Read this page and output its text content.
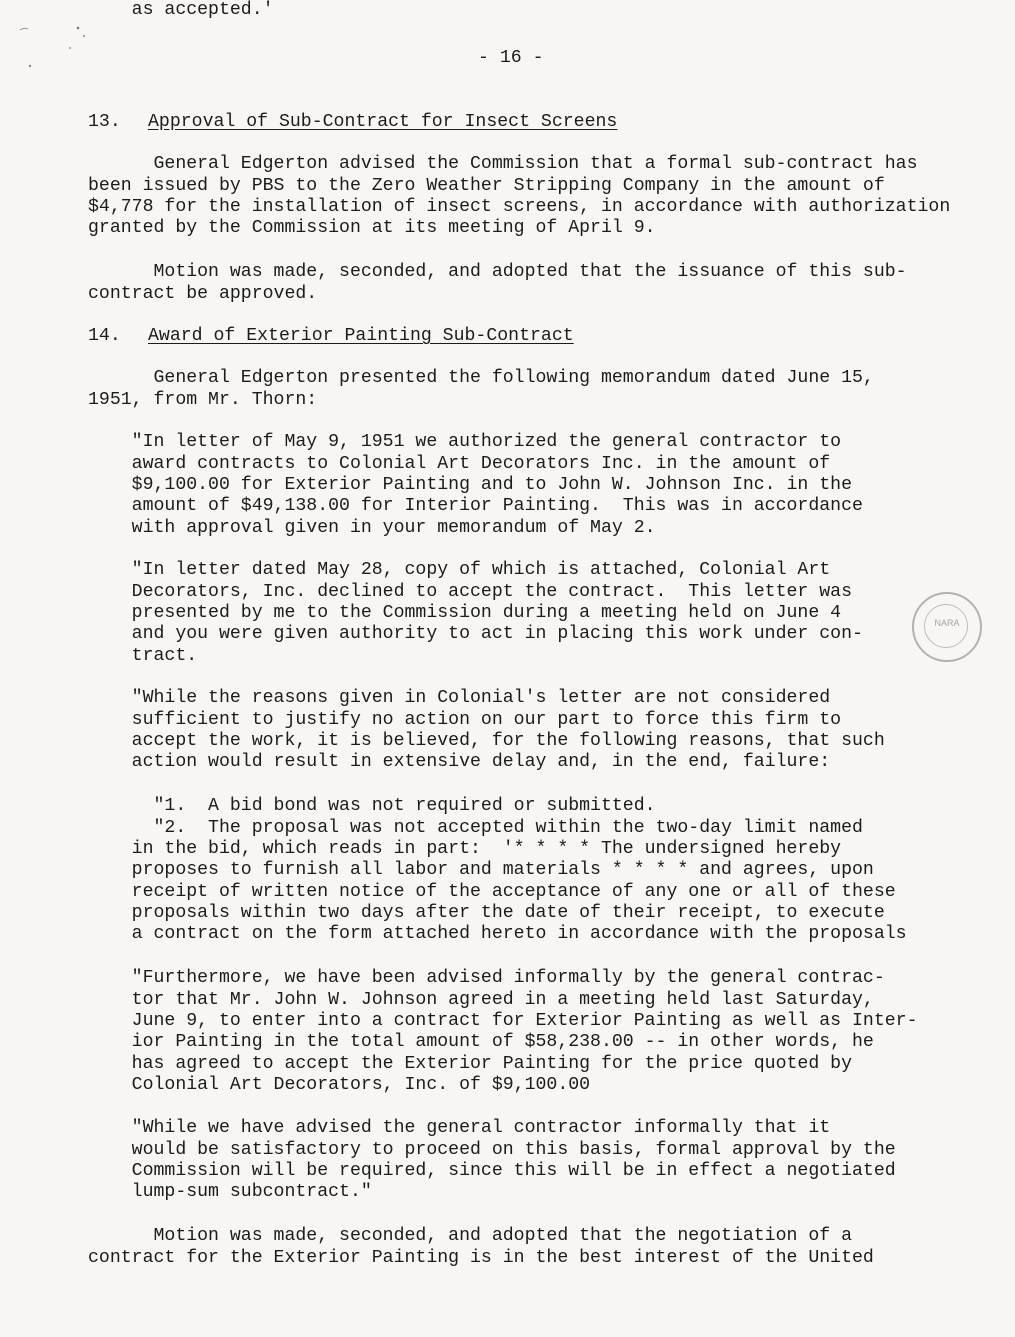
- 16 -
13. Approval of Sub-Contract for Insect Screens
General Edgerton advised the Commission that a formal sub-contract has
been issued by PBS to the Zero Weather Stripping Company in the amount of
$4,778 for the installation of insect screens, in accordance with authorization
granted by the Commission at its meeting of April 9.
Motion was made, seconded, and adopted that the issuance of this sub-
contract be approved.
14. Award of Exterior Painting Sub-Contract
General Edgerton presented the following memorandum dated June 15,
1951, from Mr. Thorn:
"In letter of May 9, 1951 we authorized the general contractor to
award contracts to Colonial Art Decorators Inc. in the amount of
$9,100.00 for Exterior Painting and to John W. Johnson Inc. in the
amount of $49,138.00 for Interior Painting.  This was in accordance
with approval given in your memorandum of May 2.
"In letter dated May 28, copy of which is attached, Colonial Art
Decorators, Inc. declined to accept the contract.  This letter was
presented by me to the Commission during a meeting held on June 4
and you were given authority to act in placing this work under con-
tract.
"While the reasons given in Colonial's letter are not considered
sufficient to justify no action on our part to force this firm to
accept the work, it is believed, for the following reasons, that such
action would result in extensive delay and, in the end, failure:
"1.  A bid bond was not required or submitted.
"2.  The proposal was not accepted within the two-day limit named
in the bid, which reads in part:  '* * * * The undersigned hereby
proposes to furnish all labor and materials * * * * and agrees, upon
receipt of written notice of the acceptance of any one or all of these
proposals within two days after the date of their receipt, to execute
a contract on the form attached hereto in accordance with the proposals
as accepted.'
"Furthermore, we have been advised informally by the general contrac-
tor that Mr. John W. Johnson agreed in a meeting held last Saturday,
June 9, to enter into a contract for Exterior Painting as well as Inter-
ior Painting in the total amount of $58,238.00 -- in other words, he
has agreed to accept the Exterior Painting for the price quoted by
Colonial Art Decorators, Inc. of $9,100.00
"While we have advised the general contractor informally that it
would be satisfactory to proceed on this basis, formal approval by the
Commission will be required, since this will be in effect a negotiated
lump-sum subcontract."
Motion was made, seconded, and adopted that the negotiation of a
contract for the Exterior Painting is in the best interest of the United
NARA
